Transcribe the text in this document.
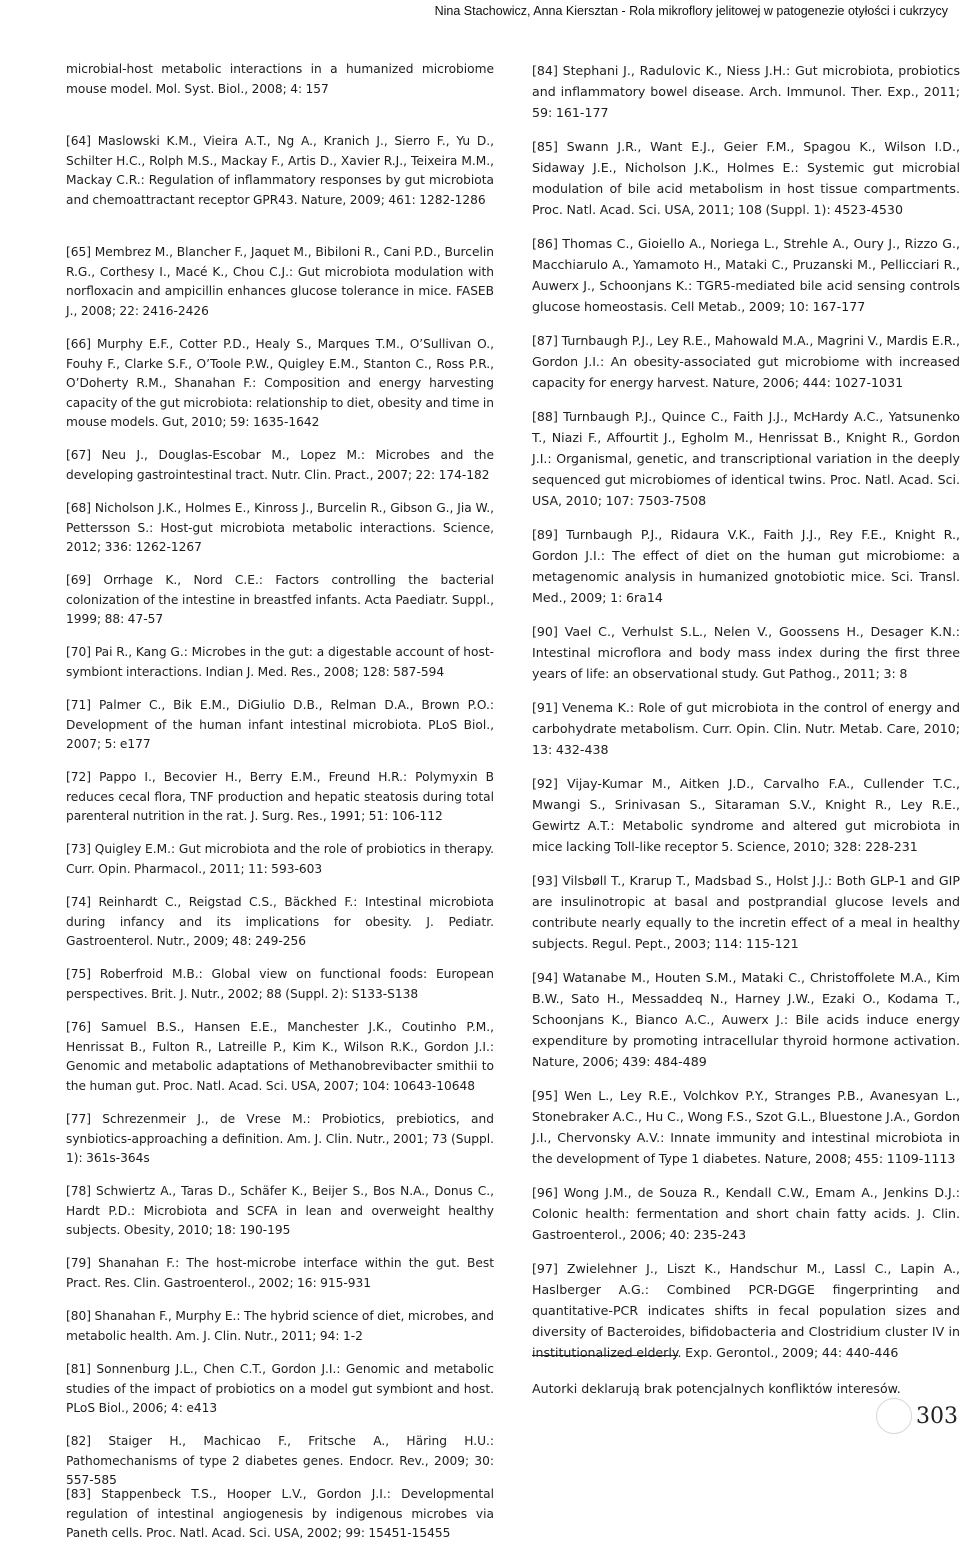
Nina Stachowicz, Anna Kiersztan - Rola mikroflory jelitowej w patogenezie otyłości i cukrzycy
microbial-host metabolic interactions in a humanized microbiome mouse model. Mol. Syst. Biol., 2008; 4: 157
[64] Maslowski K.M., Vieira A.T., Ng A., Kranich J., Sierro F., Yu D., Schilter H.C., Rolph M.S., Mackay F., Artis D., Xavier R.J., Teixeira M.M., Mackay C.R.: Regulation of inflammatory responses by gut microbiota and chemoattractant receptor GPR43. Nature, 2009; 461: 1282-1286
[65] Membrez M., Blancher F., Jaquet M., Bibiloni R., Cani P.D., Burcelin R.G., Corthesy I., Macé K., Chou C.J.: Gut microbiota modulation with norfloxacin and ampicillin enhances glucose tolerance in mice. FASEB J., 2008; 22: 2416-2426
[66] Murphy E.F., Cotter P.D., Healy S., Marques T.M., O’Sullivan O., Fouhy F., Clarke S.F., O’Toole P.W., Quigley E.M., Stanton C., Ross P.R., O’Doherty R.M., Shanahan F.: Composition and energy harvesting capacity of the gut microbiota: relationship to diet, obesity and time in mouse models. Gut, 2010; 59: 1635-1642
[67] Neu J., Douglas-Escobar M., Lopez M.: Microbes and the developing gastrointestinal tract. Nutr. Clin. Pract., 2007; 22: 174-182
[68] Nicholson J.K., Holmes E., Kinross J., Burcelin R., Gibson G., Jia W., Pettersson S.: Host-gut microbiota metabolic interactions. Science, 2012; 336: 1262-1267
[69] Orrhage K., Nord C.E.: Factors controlling the bacterial colonization of the intestine in breastfed infants. Acta Paediatr. Suppl., 1999; 88: 47-57
[70] Pai R., Kang G.: Microbes in the gut: a digestable account of host-symbiont interactions. Indian J. Med. Res., 2008; 128: 587-594
[71] Palmer C., Bik E.M., DiGiulio D.B., Relman D.A., Brown P.O.: Development of the human infant intestinal microbiota. PLoS Biol., 2007; 5: e177
[72] Pappo I., Becovier H., Berry E.M., Freund H.R.: Polymyxin B reduces cecal flora, TNF production and hepatic steatosis during total parenteral nutrition in the rat. J. Surg. Res., 1991; 51: 106-112
[73] Quigley E.M.: Gut microbiota and the role of probiotics in therapy. Curr. Opin. Pharmacol., 2011; 11: 593-603
[74] Reinhardt C., Reigstad C.S., Bäckhed F.: Intestinal microbiota during infancy and its implications for obesity. J. Pediatr. Gastroenterol. Nutr., 2009; 48: 249-256
[75] Roberfroid M.B.: Global view on functional foods: European perspectives. Brit. J. Nutr., 2002; 88 (Suppl. 2): S133-S138
[76] Samuel B.S., Hansen E.E., Manchester J.K., Coutinho P.M., Henrissat B., Fulton R., Latreille P., Kim K., Wilson R.K., Gordon J.I.: Genomic and metabolic adaptations of Methanobrevibacter smithii to the human gut. Proc. Natl. Acad. Sci. USA, 2007; 104: 10643-10648
[77] Schrezenmeir J., de Vrese M.: Probiotics, prebiotics, and synbiotics-approaching a definition. Am. J. Clin. Nutr., 2001; 73 (Suppl. 1): 361s-364s
[78] Schwiertz A., Taras D., Schäfer K., Beijer S., Bos N.A., Donus C., Hardt P.D.: Microbiota and SCFA in lean and overweight healthy subjects. Obesity, 2010; 18: 190-195
[79] Shanahan F.: The host-microbe interface within the gut. Best Pract. Res. Clin. Gastroenterol., 2002; 16: 915-931
[80] Shanahan F., Murphy E.: The hybrid science of diet, microbes, and metabolic health. Am. J. Clin. Nutr., 2011; 94: 1-2
[81] Sonnenburg J.L., Chen C.T., Gordon J.I.: Genomic and metabolic studies of the impact of probiotics on a model gut symbiont and host. PLoS Biol., 2006; 4: e413
[82] Staiger H., Machicao F., Fritsche A., Häring H.U.: Pathomechanisms of type 2 diabetes genes. Endocr. Rev., 2009; 30: 557-585
[83] Stappenbeck T.S., Hooper L.V., Gordon J.I.: Developmental regulation of intestinal angiogenesis by indigenous microbes via Paneth cells. Proc. Natl. Acad. Sci. USA, 2002; 99: 15451-15455
[84] Stephani J., Radulovic K., Niess J.H.: Gut microbiota, probiotics and inflammatory bowel disease. Arch. Immunol. Ther. Exp., 2011; 59: 161-177
[85] Swann J.R., Want E.J., Geier F.M., Spagou K., Wilson I.D., Sidaway J.E., Nicholson J.K., Holmes E.: Systemic gut microbial modulation of bile acid metabolism in host tissue compartments. Proc. Natl. Acad. Sci. USA, 2011; 108 (Suppl. 1): 4523-4530
[86] Thomas C., Gioiello A., Noriega L., Strehle A., Oury J., Rizzo G., Macchiarulo A., Yamamoto H., Mataki C., Pruzanski M., Pellicciari R., Auwerx J., Schoonjans K.: TGR5-mediated bile acid sensing controls glucose homeostasis. Cell Metab., 2009; 10: 167-177
[87] Turnbaugh P.J., Ley R.E., Mahowald M.A., Magrini V., Mardis E.R., Gordon J.I.: An obesity-associated gut microbiome with increased capacity for energy harvest. Nature, 2006; 444: 1027-1031
[88] Turnbaugh P.J., Quince C., Faith J.J., McHardy A.C., Yatsunenko T., Niazi F., Affourtit J., Egholm M., Henrissat B., Knight R., Gordon J.I.: Organismal, genetic, and transcriptional variation in the deeply sequenced gut microbiomes of identical twins. Proc. Natl. Acad. Sci. USA, 2010; 107: 7503-7508
[89] Turnbaugh P.J., Ridaura V.K., Faith J.J., Rey F.E., Knight R., Gordon J.I.: The effect of diet on the human gut microbiome: a metagenomic analysis in humanized gnotobiotic mice. Sci. Transl. Med., 2009; 1: 6ra14
[90] Vael C., Verhulst S.L., Nelen V., Goossens H., Desager K.N.: Intestinal microflora and body mass index during the first three years of life: an observational study. Gut Pathog., 2011; 3: 8
[91] Venema K.: Role of gut microbiota in the control of energy and carbohydrate metabolism. Curr. Opin. Clin. Nutr. Metab. Care, 2010; 13: 432-438
[92] Vijay-Kumar M., Aitken J.D., Carvalho F.A., Cullender T.C., Mwangi S., Srinivasan S., Sitaraman S.V., Knight R., Ley R.E., Gewirtz A.T.: Metabolic syndrome and altered gut microbiota in mice lacking Toll-like receptor 5. Science, 2010; 328: 228-231
[93] Vilsbøll T., Krarup T., Madsbad S., Holst J.J.: Both GLP-1 and GIP are insulinotropic at basal and postprandial glucose levels and contribute nearly equally to the incretin effect of a meal in healthy subjects. Regul. Pept., 2003; 114: 115-121
[94] Watanabe M., Houten S.M., Mataki C., Christoffolete M.A., Kim B.W., Sato H., Messaddeq N., Harney J.W., Ezaki O., Kodama T., Schoonjans K., Bianco A.C., Auwerx J.: Bile acids induce energy expenditure by promoting intracellular thyroid hormone activation. Nature, 2006; 439: 484-489
[95] Wen L., Ley R.E., Volchkov P.Y., Stranges P.B., Avanesyan L., Stonebraker A.C., Hu C., Wong F.S., Szot G.L., Bluestone J.A., Gordon J.I., Chervonsky A.V.: Innate immunity and intestinal microbiota in the development of Type 1 diabetes. Nature, 2008; 455: 1109-1113
[96] Wong J.M., de Souza R., Kendall C.W., Emam A., Jenkins D.J.: Colonic health: fermentation and short chain fatty acids. J. Clin. Gastroenterol., 2006; 40: 235-243
[97] Zwielehner J., Liszt K., Handschur M., Lassl C., Lapin A., Haslberger A.G.: Combined PCR-DGGE fingerprinting and quantitative-PCR indicates shifts in fecal population sizes and diversity of Bacteroides, bifidobacteria and Clostridium cluster IV in institutionalized elderly. Exp. Gerontol., 2009; 44: 440-446
Autorki deklarują brak potencjalnych konfliktów interesów.
303
